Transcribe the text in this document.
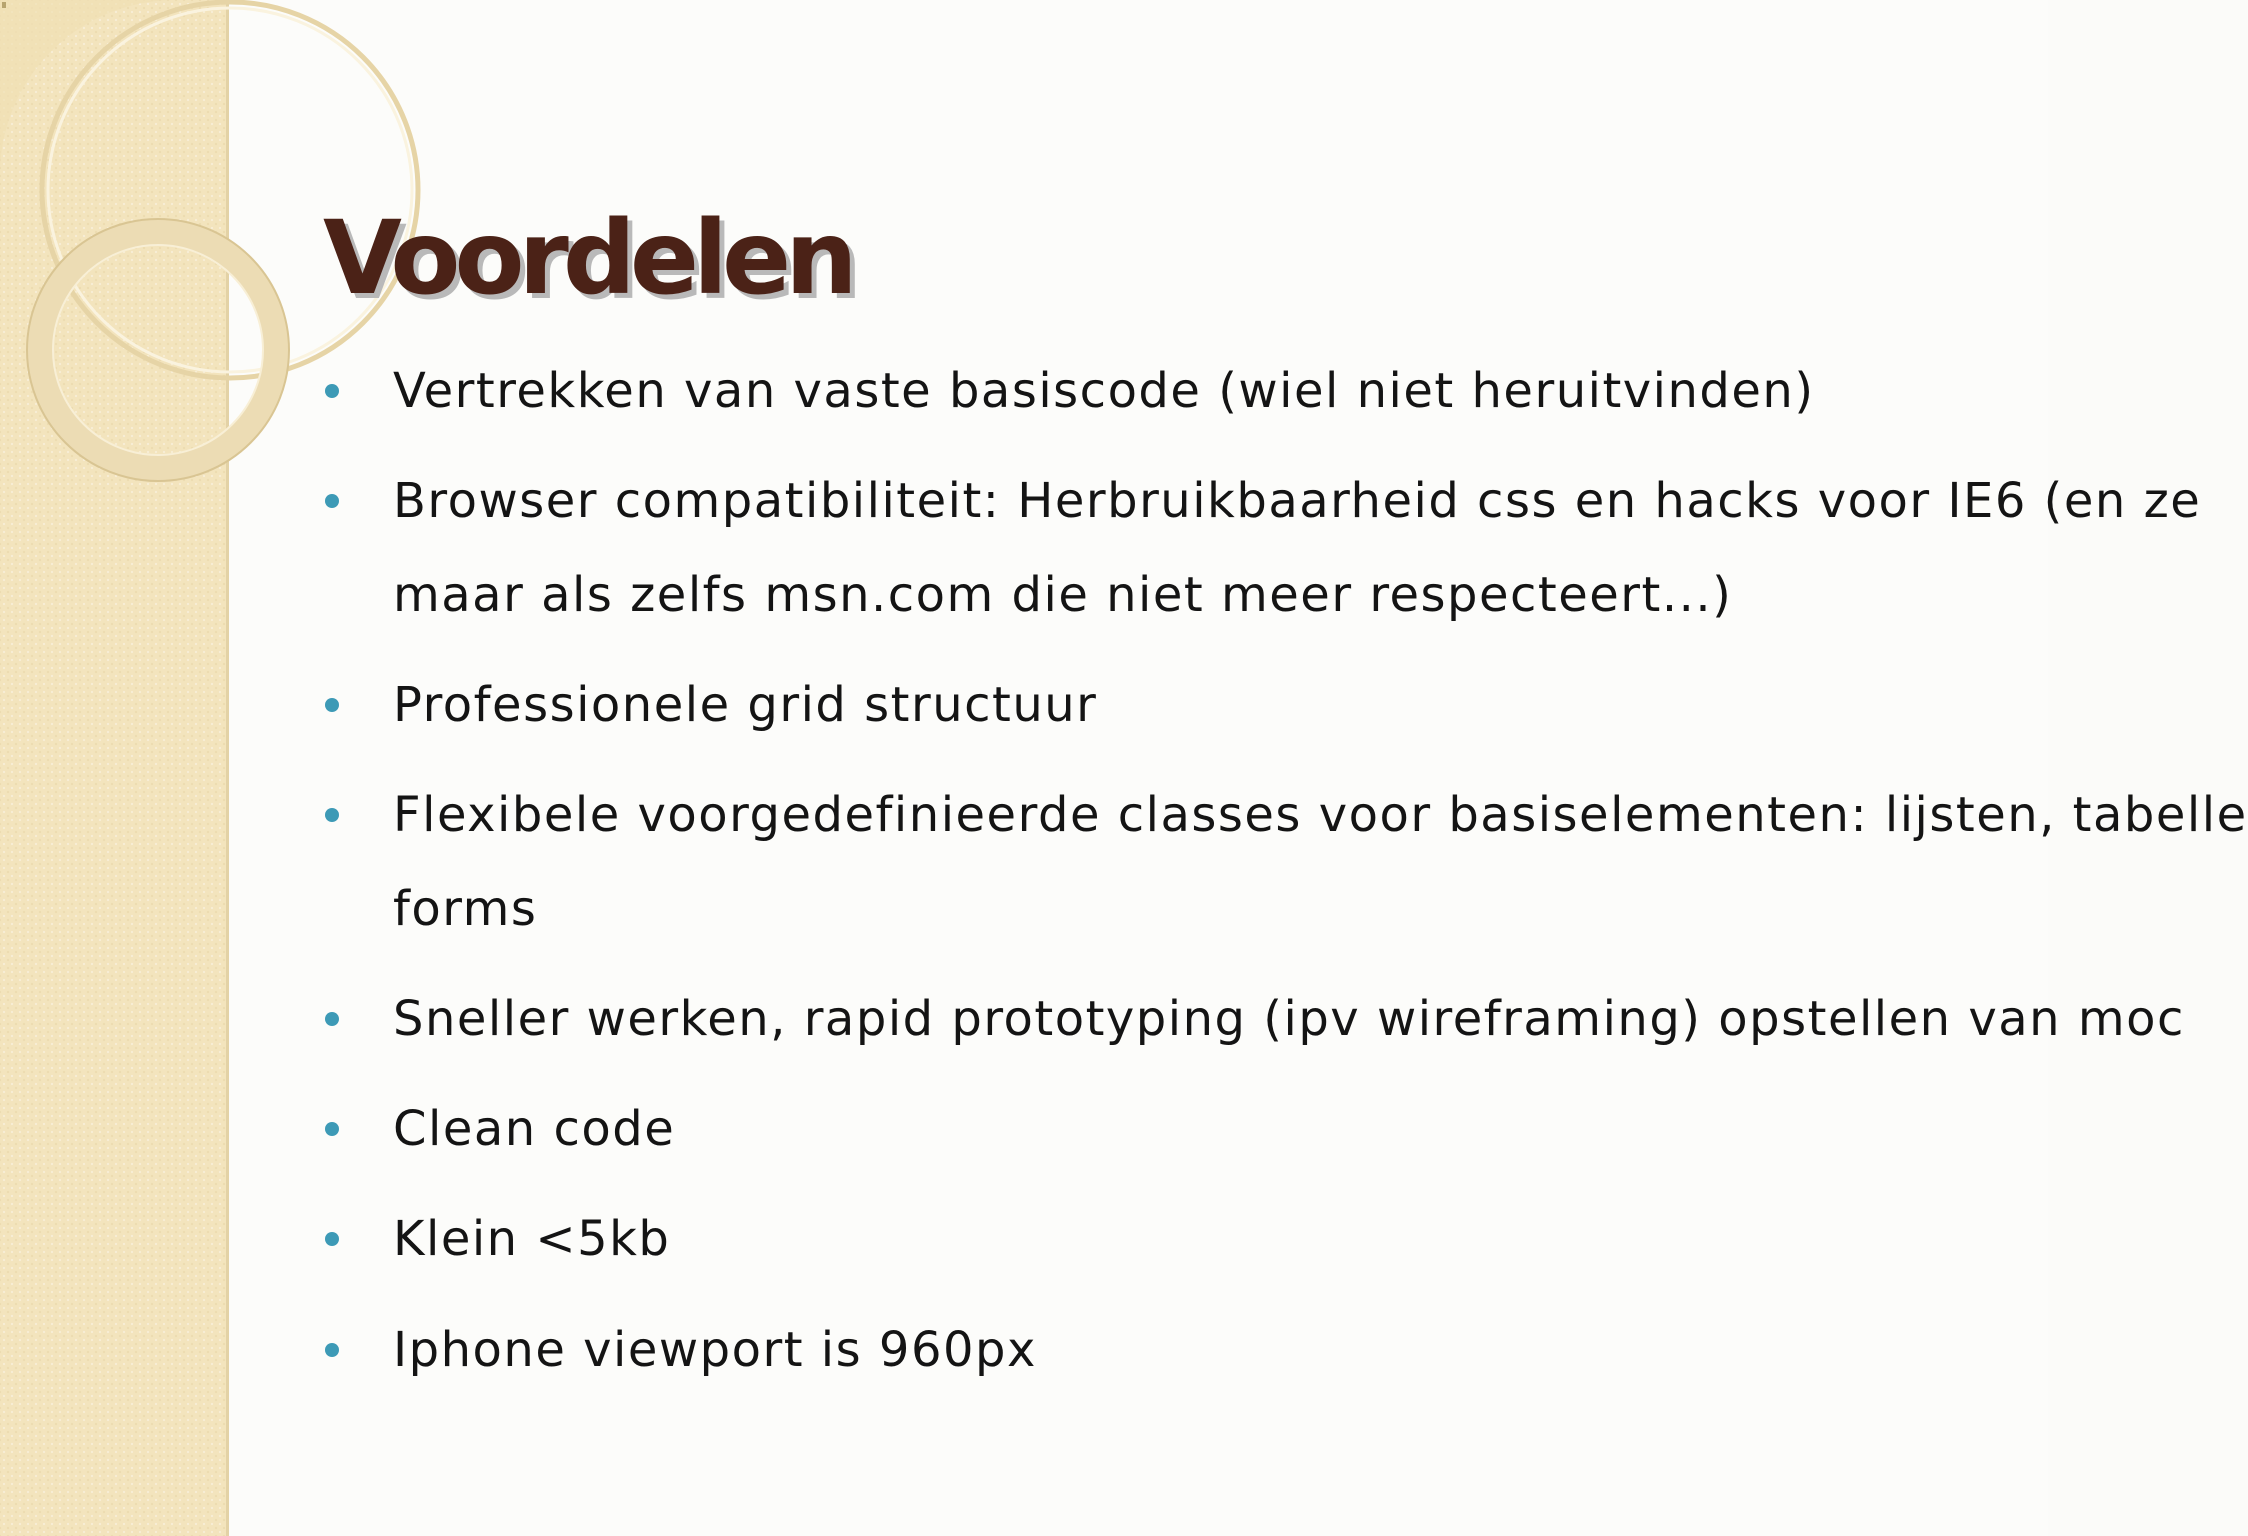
Voordelen
Vertrekken van vaste basiscode (wiel niet heruitvinden)
Browser compatibiliteit: Herbruikbaarheid css en hacks voor IE6 (en ze
maar als zelfs msn.com die niet meer respecteert...)
Professionele grid structuur
Flexibele voorgedefinieerde classes voor basiselementen: lijsten, tabelle
forms
Sneller werken, rapid prototyping (ipv wireframing) opstellen van moc
Clean code
Klein <5kb
Iphone viewport is 960px
